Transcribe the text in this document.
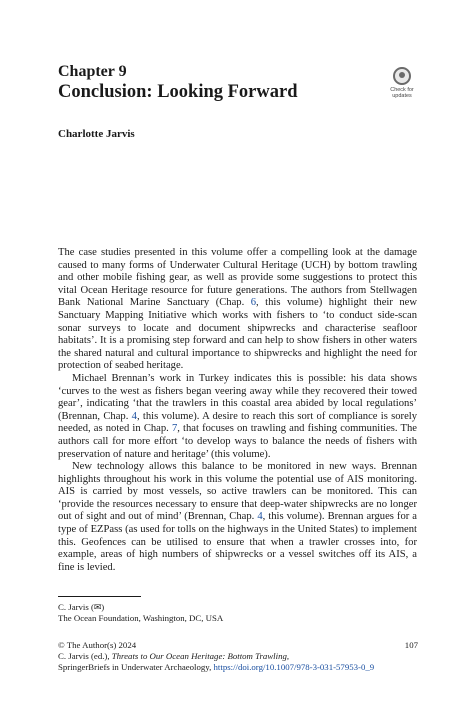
Chapter 9
Conclusion: Looking Forward	Check for
updates
Charlotte Jarvis

The case studies presented in this volume offer a compelling look at the damage caused to many forms of Underwater Cultural Heritage (UCH) by bottom trawling and other mobile fishing gear, as well as provide some suggestions to protect this vital Ocean Heritage resource for future generations. The authors from Stellwagen Bank National Marine Sanctuary (Chap. 6, this volume) highlight their new Sanctuary Mapping Initiative which works with fishers to ‘to conduct side-scan sonar surveys to locate and document shipwrecks and characterise seafloor habitats’. It is a promising step forward and can help to show fishers in other waters the shared natural and cultural importance to shipwrecks and highlight the need for protection of seabed heritage.

Michael Brennan’s work in Turkey indicates this is possible: his data shows ‘curves to the west as fishers began veering away while they recovered their towed gear’, indicating ‘that the trawlers in this coastal area abided by local regulations’ (Brennan, Chap. 4, this volume). A desire to reach this sort of compliance is sorely needed, as noted in Chap. 7, that focuses on trawling and fishing communities. The authors call for more effort ‘to develop ways to balance the needs of fishers with preservation of nature and heritage’ (this volume).

New technology allows this balance to be monitored in new ways. Brennan highlights throughout his work in this volume the potential use of AIS monitoring. AIS is carried by most vessels, so active trawlers can be monitored. This can ‘provide the resources necessary to ensure that deep-water shipwrecks are no longer out of sight and out of mind’ (Brennan, Chap. 4, this volume). Brennan argues for a type of EZPass (as used for tolls on the highways in the United States) to implement this. Geofences can be utilised to ensure that when a trawler crosses into, for example, areas of high numbers of shipwrecks or a vessel switches off its AIS, a fine is levied.

C. Jarvis (✉)
The Ocean Foundation, Washington, DC, USA
© The Author(s) 2024	107
C. Jarvis (ed.), Threats to Our Ocean Heritage: Bottom Trawling,
SpringerBriefs in Underwater Archaeology, https://doi.org/10.1007/978-3-031-57953-0_9
